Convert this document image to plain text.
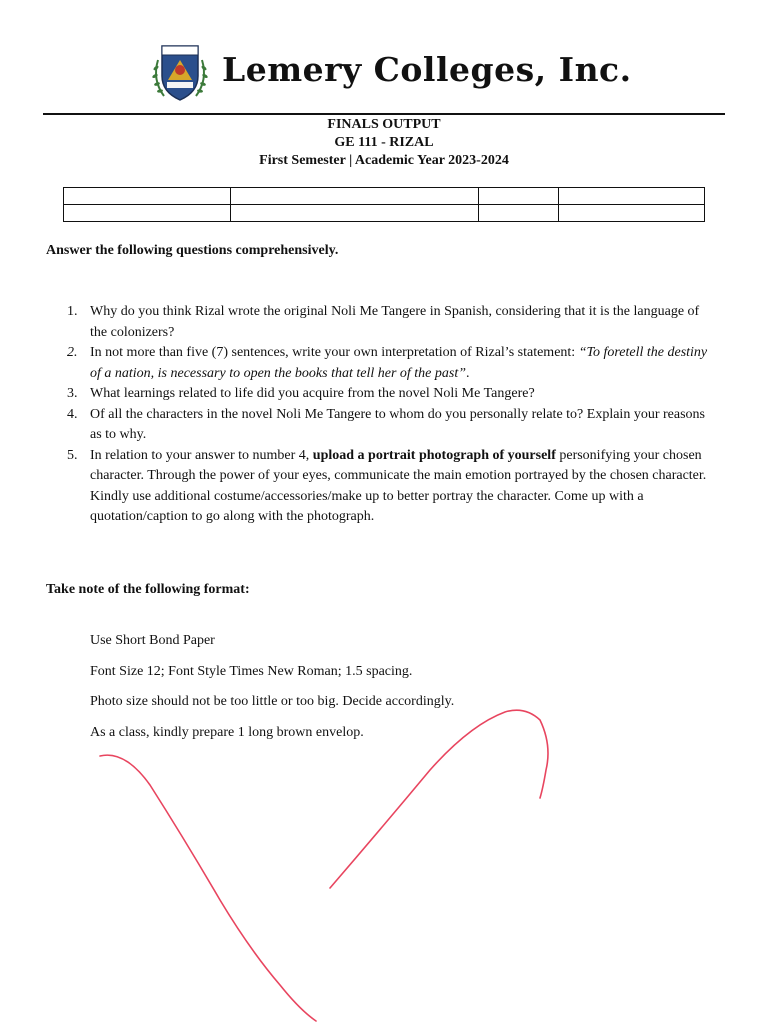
Lemery Colleges, Inc.
FINALS OUTPUT
GE 111 - RIZAL
First Semester | Academic Year 2023-2024

Answer the following questions comprehensively.
1. Why do you think Rizal wrote the original Noli Me Tangere in Spanish, considering that it is the language of the colonizers?
2. In not more than five (7) sentences, write your own interpretation of Rizal’s statement: “To foretell the destiny of a nation, is necessary to open the books that tell her of the past”.
3. What learnings related to life did you acquire from the novel Noli Me Tangere?
4. Of all the characters in the novel Noli Me Tangere to whom do you personally relate to? Explain your reasons as to why.
5. In relation to your answer to number 4, upload a portrait photograph of yourself personifying your chosen character. Through the power of your eyes, communicate the main emotion portrayed by the chosen character. Kindly use additional costume/accessories/make up to better portray the character. Come up with a quotation/caption to go along with the photograph.
Take note of the following format:
Use Short Bond Paper
Font Size 12; Font Style Times New Roman; 1.5 spacing.
Photo size should not be too little or too big. Decide accordingly.
As a class, kindly prepare 1 long brown envelop.
